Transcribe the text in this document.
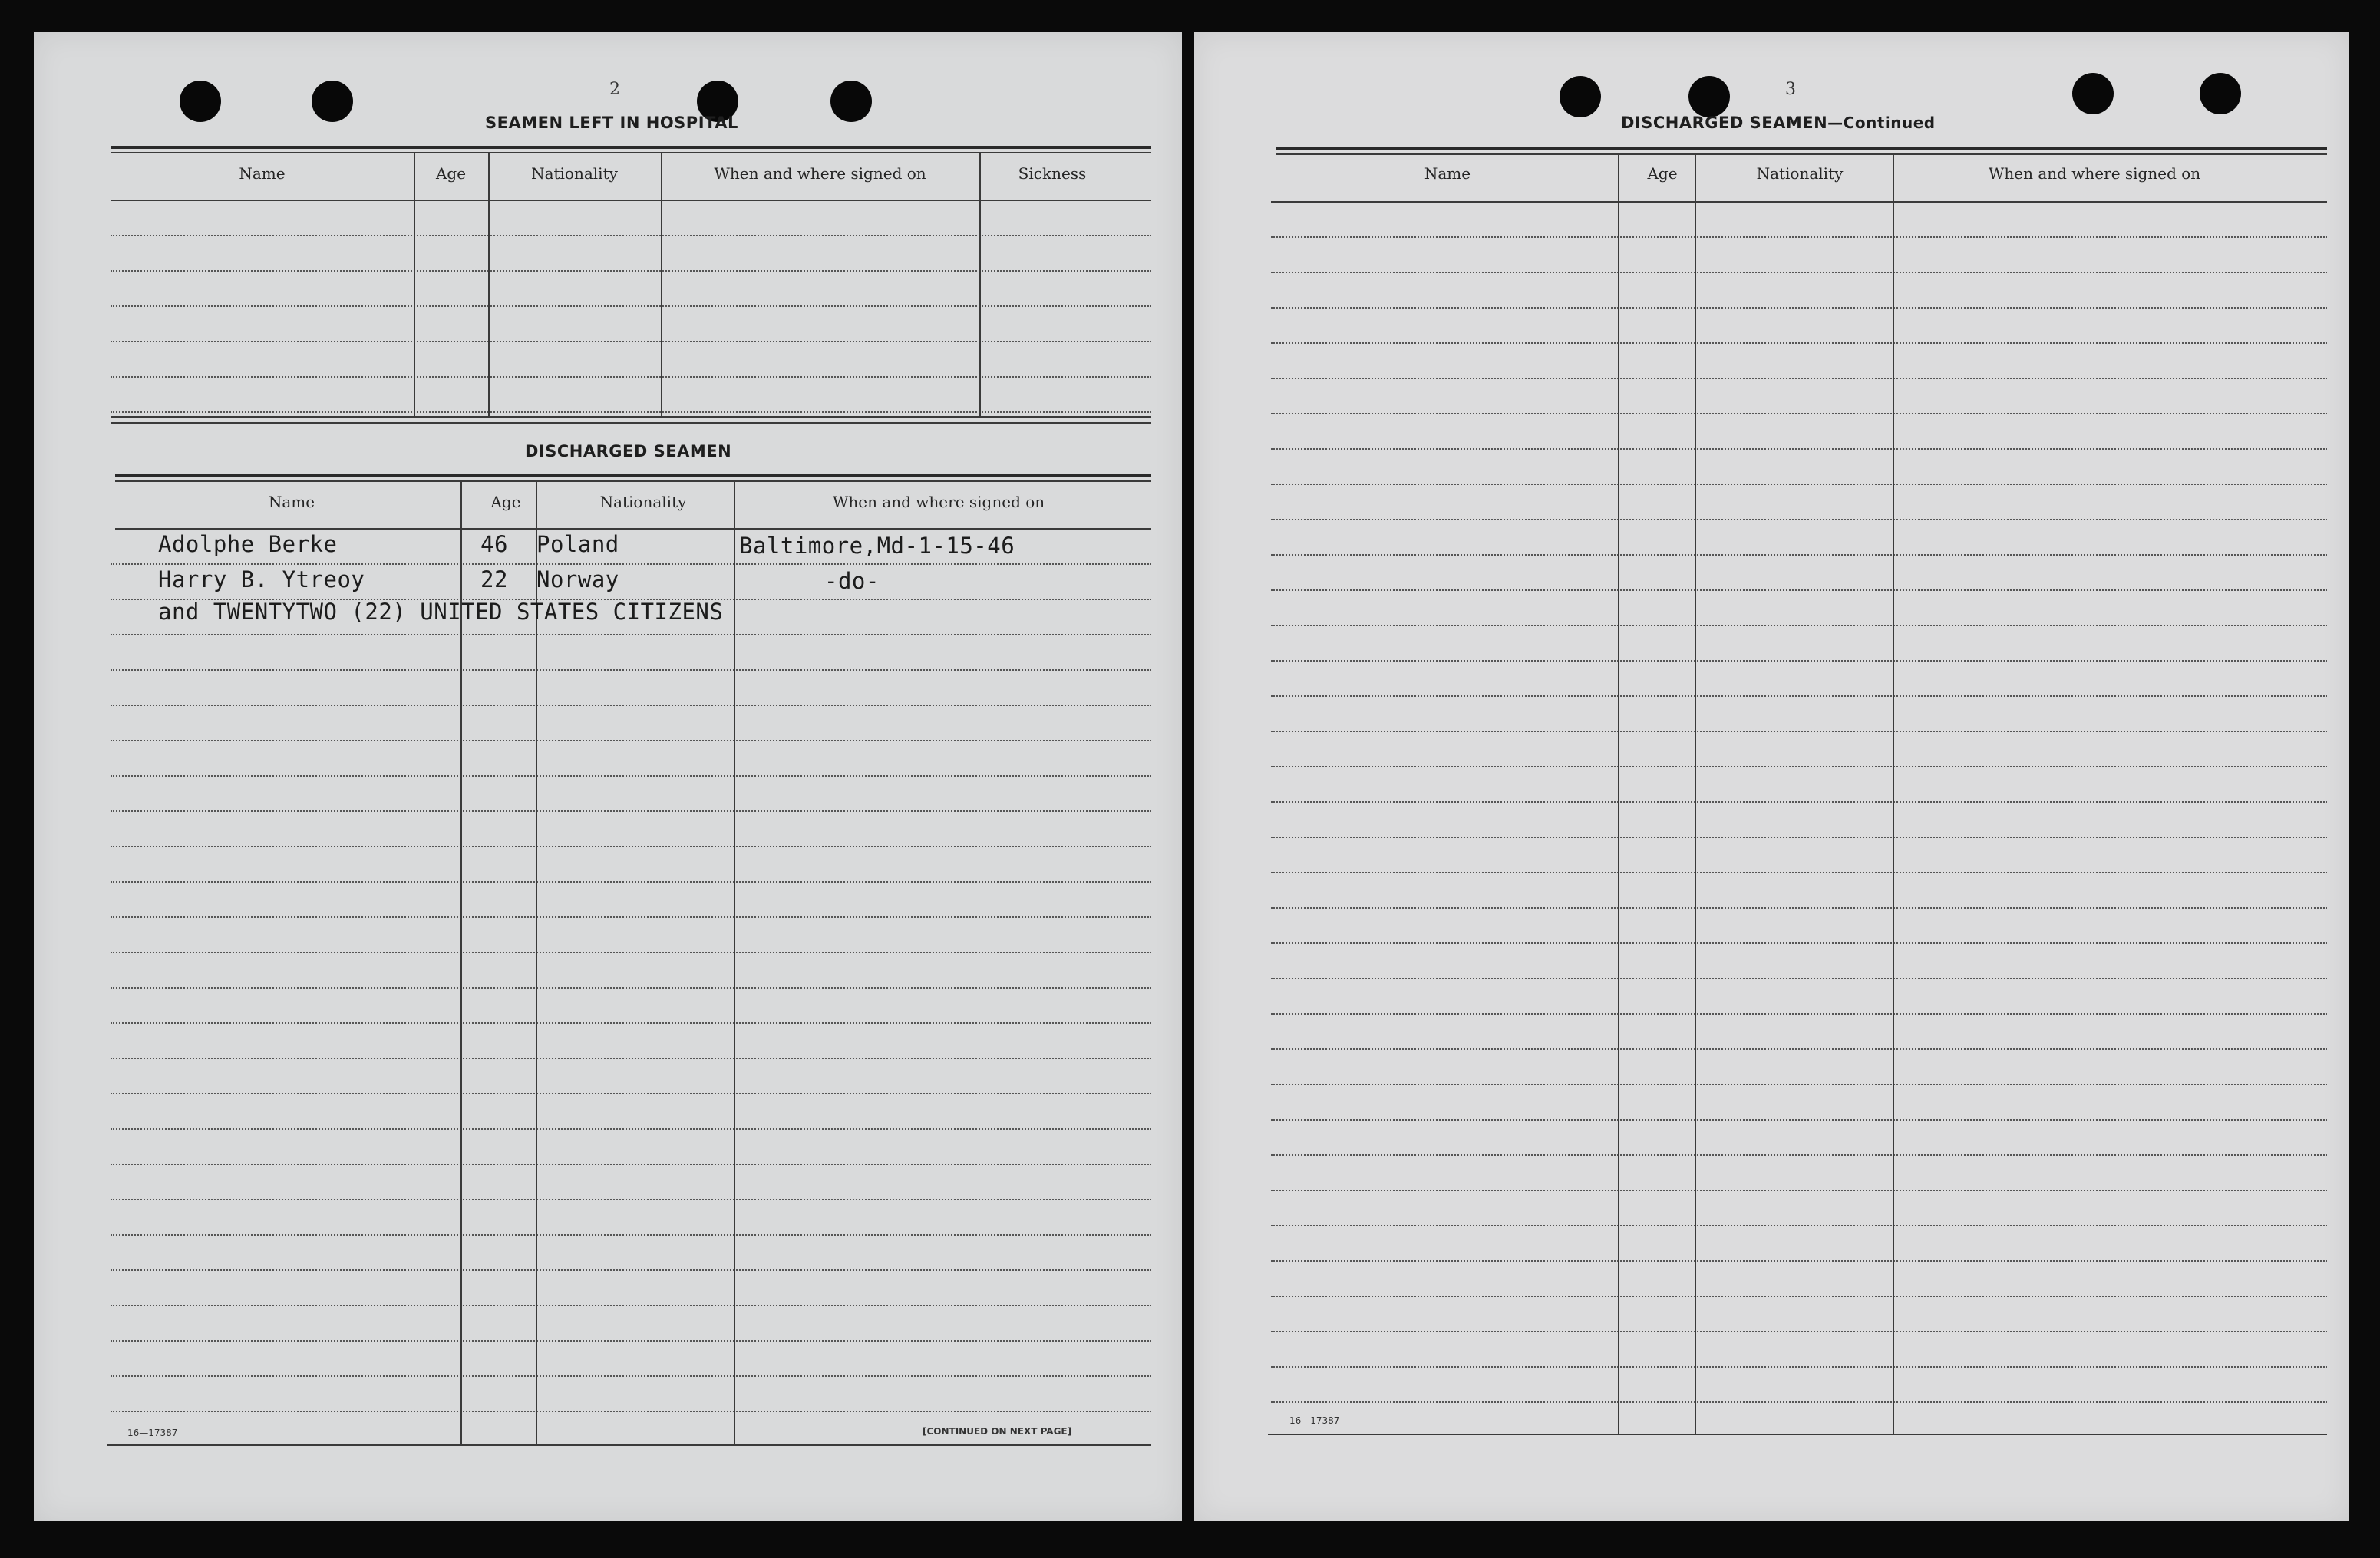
2
SEAMEN LEFT IN HOSPITAL
Name	Age	Nationality	When and where signed on	Sickness
DISCHARGED SEAMEN
Name	Age	Nationality	When and where signed on
Adolphe Berke	46 Poland	Baltimore,Md-1-15-46
Harry B. Ytreoy	22 Norway	-do-
and TWENTYTWO (22) UNITED STATES CITIZENS
16—17387	[CONTINUED ON NEXT PAGE]
3
DISCHARGED SEAMEN—Continued
Name	Age	Nationality	When and where signed on
16—17387
